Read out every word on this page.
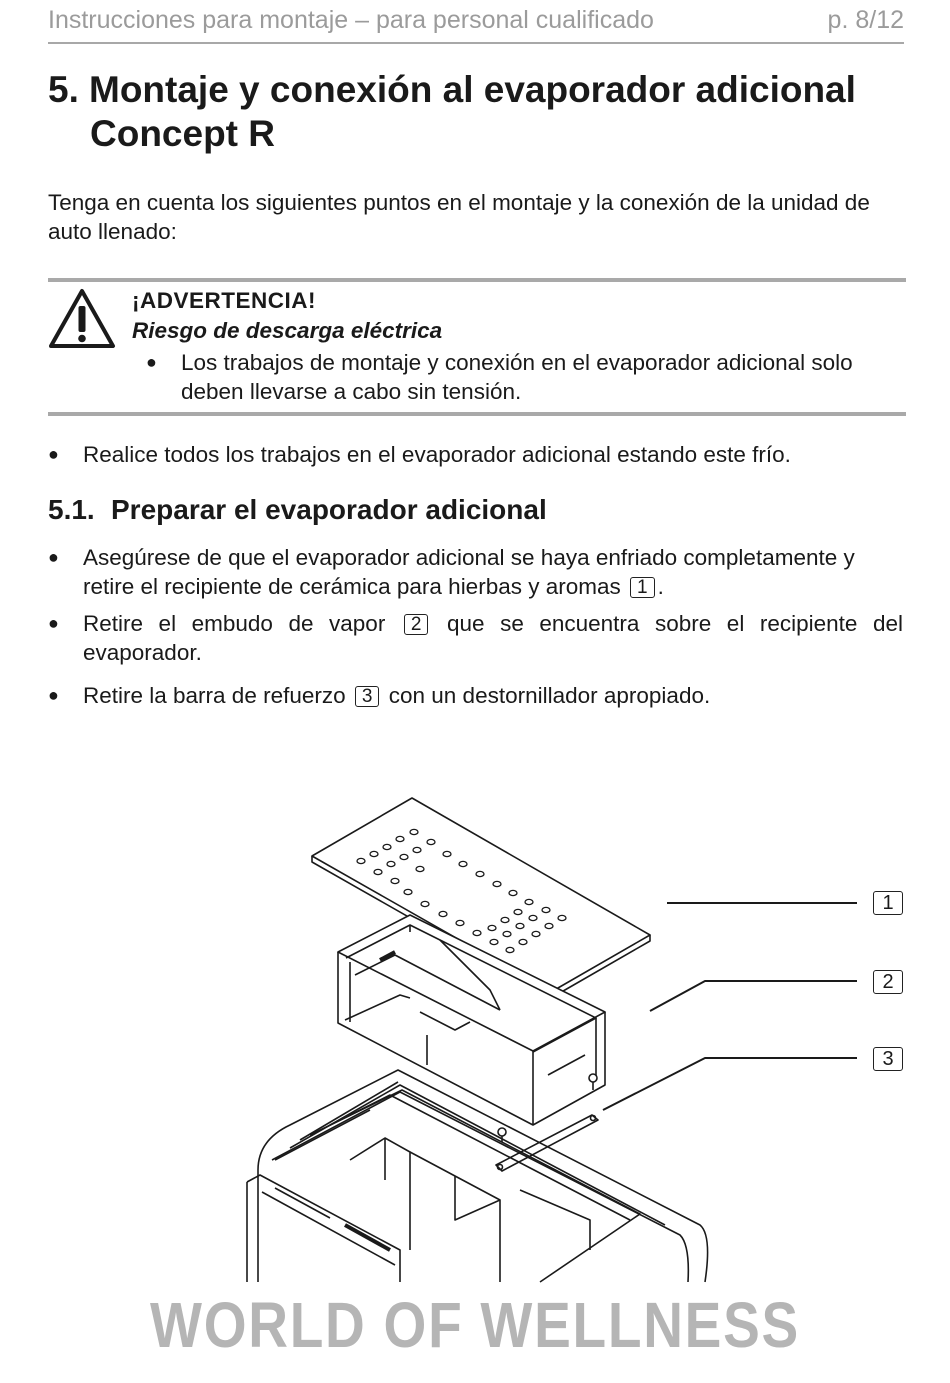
Instrucciones para montaje – para personal cualificado	p. 8/12
5. Montaje y conexión al evaporador adicional
Concept R
Tenga en cuenta los siguientes puntos en el montaje y la conexión de la unidad de auto llenado:
¡ADVERTENCIA!
Riesgo de descarga eléctrica
● Los trabajos de montaje y conexión en el evaporador adicional solo deben llevarse a cabo sin tensión.
● Realice todos los trabajos en el evaporador adicional estando este frío.
5.1. Preparar el evaporador adicional
● Asegúrese de que el evaporador adicional se haya enfriado completamente y retire el recipiente de cerámica para hierbas y aromas 1 .
● Retire el embudo de vapor 2 que se encuentra sobre el recipiente del evaporador.
● Retire la barra de refuerzo 3 con un destornillador apropiado.
1
2
3
WORLD OF WELLNESS
